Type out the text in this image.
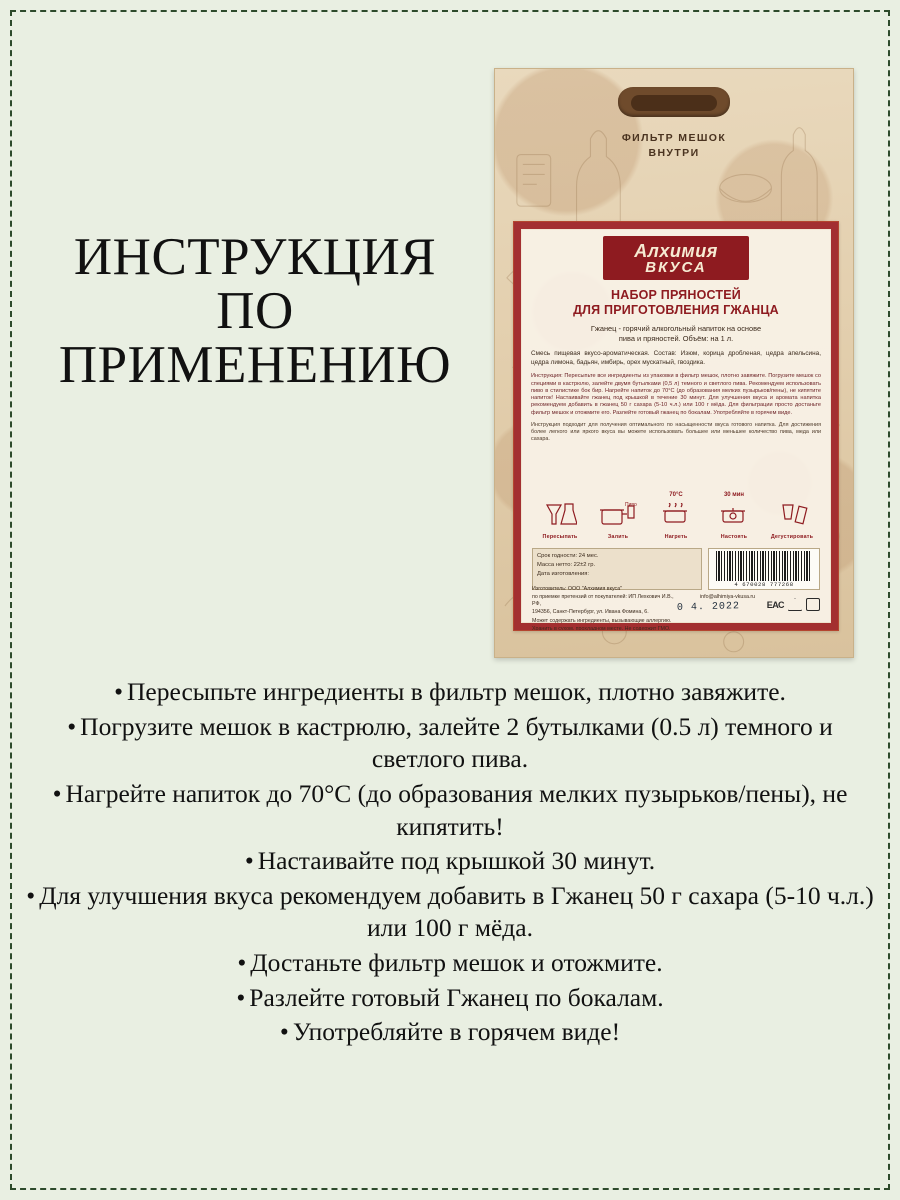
ИНСТРУКЦИЯ
ПО
ПРИМЕНЕНИЮ
ФИЛЬТР МЕШОК
ВНУТРИ
Алхимия
ВКУСА
НАБОР ПРЯНОСТЕЙ
ДЛЯ ПРИГОТОВЛЕНИЯ ГЖАНЦА
Гжанец - горячий алкогольный напиток на основе
пива и пряностей. Объём: на 1 л.
Смесь пищевая вкусо-ароматическая. Состав: Изюм, корица дробленая, цедра апельсина, цедра лимона, бадьян, имбирь, орех мускатный, гвоздика.
Инструкция: Пересыпьте все ингредиенты из упаковки в фильтр мешок, плотно завяжите. Погрузите мешок со специями в кастрюлю, залейте двумя бутылками (0,5 л) темного и светлого пива. Рекомендуем использовать пиво в стилистике бок бир. Нагрейте напиток до 70°С (до образования мелких пузырьков/пены), не кипятите напиток! Настаивайте гжанец под крышкой в течение 30 минут. Для улучшения вкуса и аромата напитка рекомендуем добавить в гжанец 50 г сахара (5-10 ч.л.) или 100 г мёда. Для фильтрации просто достаньте фильтр мешок и отожмите его. Разлейте готовый гжанец по бокалам. Употребляйте в горячем виде.
Инструкция подходит для получения оптимального по насыщенности вкуса готового напитка. Для достижения более легкого или яркого вкуса вы можете использовать большее или меньшее количество пива, меда или сахара.
Пересыпать
Пиво
Залить
70°С
Нагреть
30 мин
Настоять	Дегустировать
Срок годности: 24 мес.
Масса нетто: 22±2 гр.
Дата изготовления:
4 670028 777268
Изготовитель: ООО "Алхимия вкуса"
по приемке претензий от покупателей: ИП Лехкович И.В., РФ,
info@alhimiya-vkusa.ru
194356, Санкт-Петербург, ул. Ивана Фомина, 6.	0 4. 2022	ЕАС
Может содержать ингредиенты, вызывающие аллергию.
Хранить в сухом, прохладном месте. Не содержит ГМО.
• Пересыпьте ингредиенты в фильтр мешок, плотно завяжите.
• Погрузите мешок в кастрюлю, залейте 2 бутылками (0.5 л) темного и светлого пива.
• Нагрейте напиток до 70°С (до образования мелких пузырьков/пены), не кипятить!
• Настаивайте под крышкой 30 минут.
• Для улучшения вкуса рекомендуем добавить в Гжанец 50 г сахара (5-10 ч.л.) или 100 г мёда.
• Достаньте фильтр мешок и отожмите.
• Разлейте готовый Гжанец по бокалам.
• Употребляйте в горячем виде!
